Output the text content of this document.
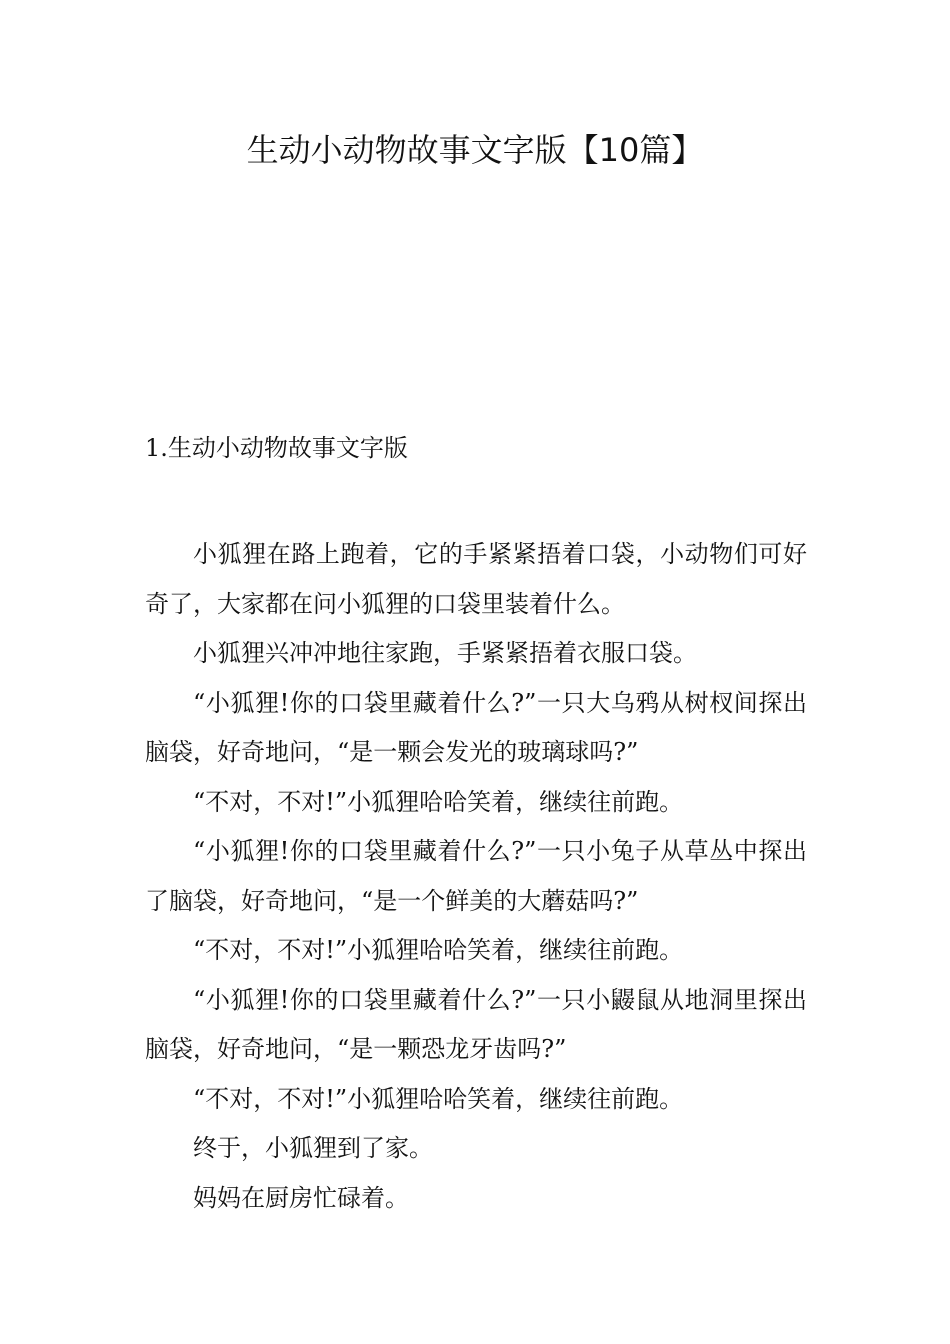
生动小动物故事文字版【10篇】
1.生动小动物故事文字版

小狐狸在路上跑着，它的手紧紧捂着口袋，小动物们可好奇了，大家都在问小狐狸的口袋里装着什么。

小狐狸兴冲冲地往家跑，手紧紧捂着衣服口袋。

“小狐狸!你的口袋里藏着什么?”一只大乌鸦从树杈间探出脑袋，好奇地问，“是一颗会发光的玻璃球吗?”

“不对，不对!”小狐狸哈哈笑着，继续往前跑。

“小狐狸!你的口袋里藏着什么?”一只小兔子从草丛中探出了脑袋，好奇地问，“是一个鲜美的大蘑菇吗?”

“不对，不对!”小狐狸哈哈笑着，继续往前跑。

“小狐狸!你的口袋里藏着什么?”一只小鼹鼠从地洞里探出脑袋，好奇地问，“是一颗恐龙牙齿吗?”

“不对，不对!”小狐狸哈哈笑着，继续往前跑。

终于，小狐狸到了家。

妈妈在厨房忙碌着。
